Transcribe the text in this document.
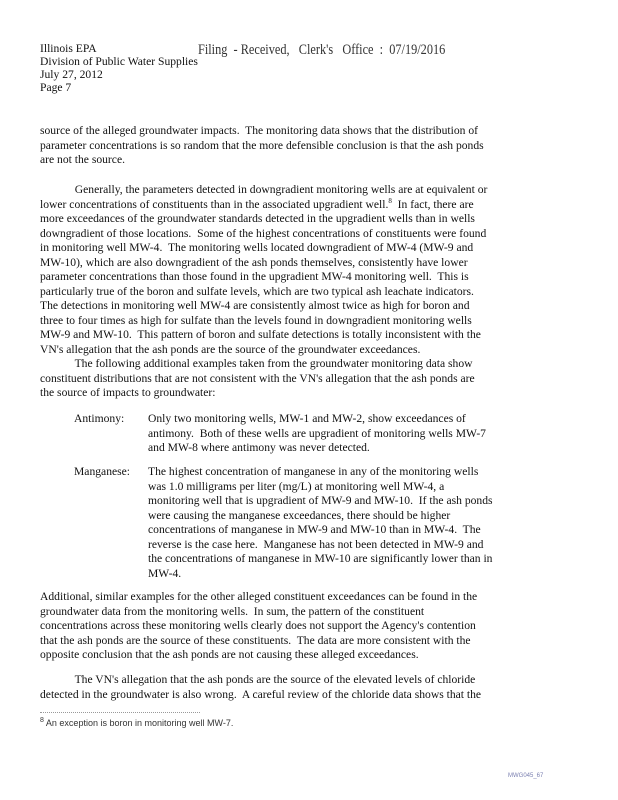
Illinois EPA
Division of Public Water Supplies
July 27, 2012
Page 7
Filing  - Received,   Clerk's   Office  :  07/19/2016
source of the alleged groundwater impacts.  The monitoring data shows that the distribution of
parameter concentrations is so random that the more defensible conclusion is that the ash ponds
are not the source.
Generally, the parameters detected in downgradient monitoring wells are at equivalent or
lower concentrations of constituents than in the associated upgradient well.$^8$  In fact, there are
more exceedances of the groundwater standards detected in the upgradient wells than in wells
downgradient of those locations.  Some of the highest concentrations of constituents were found
in monitoring well MW-4.  The monitoring wells located downgradient of MW-4 (MW-9 and
MW-10), which are also downgradient of the ash ponds themselves, consistently have lower
parameter concentrations than those found in the upgradient MW-4 monitoring well.  This is
particularly true of the boron and sulfate levels, which are two typical ash leachate indicators.
The detections in monitoring well MW-4 are consistently almost twice as high for boron and
three to four times as high for sulfate than the levels found in downgradient monitoring wells
MW-9 and MW-10.  This pattern of boron and sulfate detections is totally inconsistent with the
VN's allegation that the ash ponds are the source of the groundwater exceedances.
The following additional examples taken from the groundwater monitoring data show
constituent distributions that are not consistent with the VN's allegation that the ash ponds are
the source of impacts to groundwater:
Antimony: Only two monitoring wells, MW-1 and MW-2, show exceedances of
antimony.  Both of these wells are upgradient of monitoring wells MW-7
and MW-8 where antimony was never detected.
Manganese: The highest concentration of manganese in any of the monitoring wells
was 1.0 milligrams per liter (mg/L) at monitoring well MW-4, a
monitoring well that is upgradient of MW-9 and MW-10.  If the ash ponds
were causing the manganese exceedances, there should be higher
concentrations of manganese in MW-9 and MW-10 than in MW-4.  The
reverse is the case here.  Manganese has not been detected in MW-9 and
the concentrations of manganese in MW-10 are significantly lower than in
MW-4.
Additional, similar examples for the other alleged constituent exceedances can be found in the
groundwater data from the monitoring wells.  In sum, the pattern of the constituent
concentrations across these monitoring wells clearly does not support the Agency's contention
that the ash ponds are the source of these constituents.  The data are more consistent with the
opposite conclusion that the ash ponds are not causing these alleged exceedances.
The VN's allegation that the ash ponds are the source of the elevated levels of chloride
detected in the groundwater is also wrong.  A careful review of the chloride data shows that the
$^8$ An exception is boron in monitoring well MW-7.
MWG045_67
